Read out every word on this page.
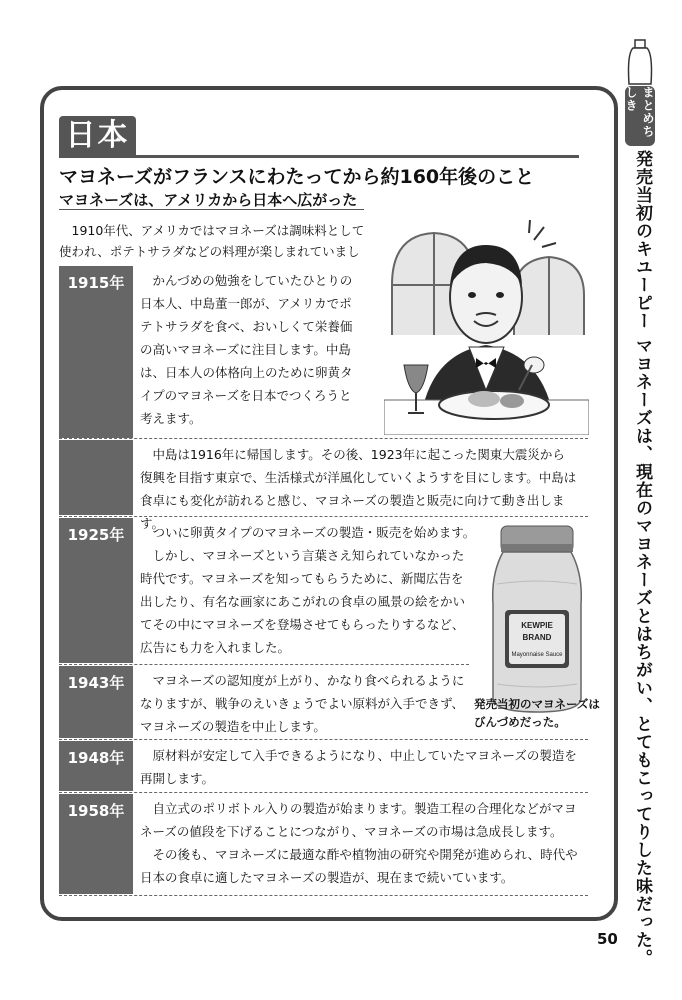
日本
マヨネーズがフランスにわたってから約160年後のこと
マヨネーズは、アメリカから日本へ広がった

1910年代、アメリカではマヨネーズは調味料として

使われ、ポテトサラダなどの料理が楽しまれていまし
1915年	かんづめの勉強をしていたひとりの

日本人、中島董一郎が、アメリカでポ
テトサラダを食べ、おいしくて栄養価
の高いマヨネーズに注目します。中島
は、日本人の体格向上のために卵黄タ
イプのマヨネーズを日本でつくろうと
考えます。

中島は1916年に帰国します。その後、1923年に起こった関東大震災から

復興を目指す東京で、生活様式が洋風化していくようすを目にします。中島は
食卓にも変化が訪れると感じ、マヨネーズの製造と販売に向けて動き出します。
1925年	ついに卵黄タイプのマヨネーズの製造・販売を始めます。

しかし、マヨネーズという言葉さえ知られていなかった

時代です。マヨネーズを知ってもらうために、新聞広告を
出したり、有名な画家にあこがれの食卓の風景の絵をかい
てその中にマヨネーズを登場させてもらったりするなど、
広告にも力を入れました。
KEWPIE
BRAND
Mayonnaise Sauce
発売当初のマヨネーズはびんづめだった。
1943年	マヨネーズの認知度が上がり、かなり食べられるように

なりますが、戦争のえいきょうでよい原料が入手できず、
マヨネーズの製造を中止します。
1948年	原材料が安定して入手できるようになり、中止していたマヨネーズの製造を

再開します。
1958年	自立式のポリボトル入りの製造が始まります。製造工程の合理化などがマヨ

ネーズの値段を下げることにつながり、マヨネーズの市場は急成長します。

その後も、マヨネーズに最適な酢や植物油の研究や開発が進められ、時代や

日本の食卓に適したマヨネーズの製造が、現在まで続いています。
まとめちしき
発売当初のキユーピー マヨネーズは、現在のマヨネーズとはちがい、とてもこってりした味だった。
50
